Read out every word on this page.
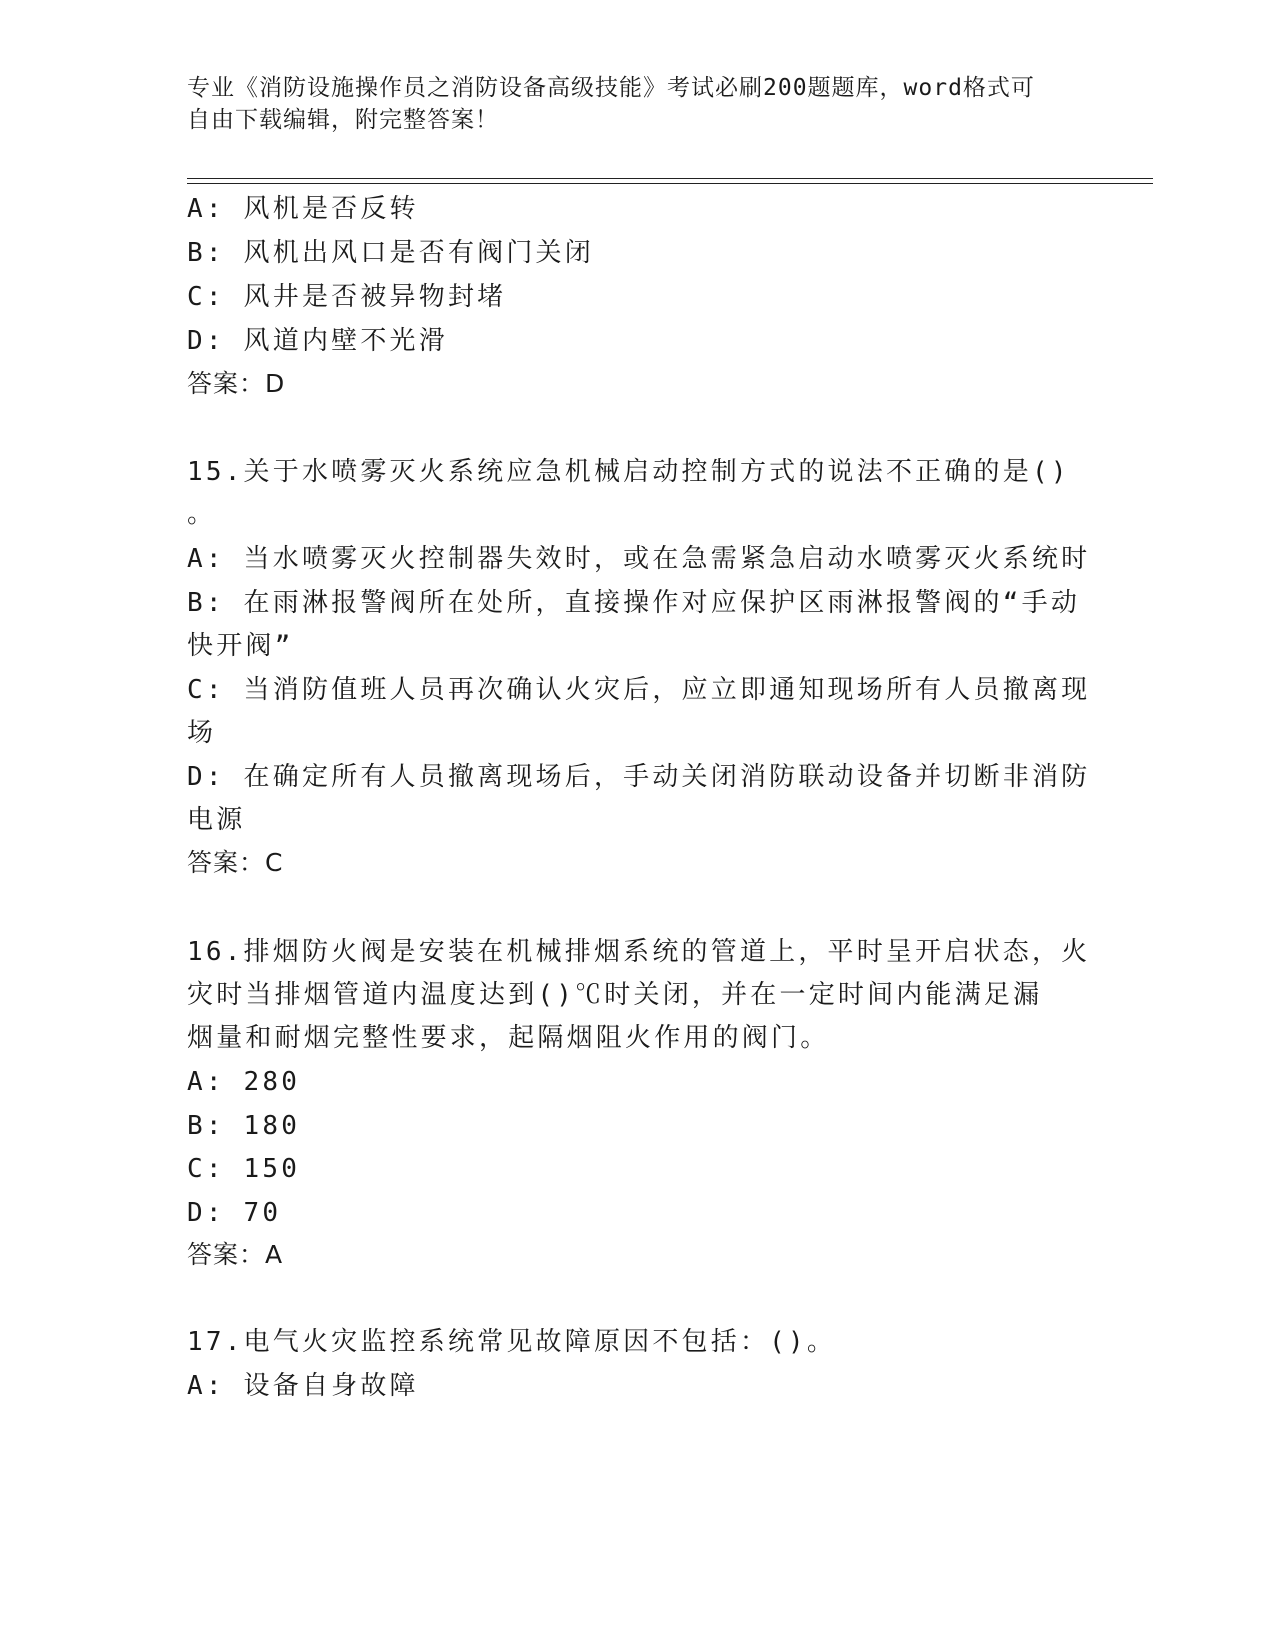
专业《消防设施操作员之消防设备高级技能》考试必刷200题题库，word格式可
自由下载编辑，附完整答案！
A: 风机是否反转
B: 风机出风口是否有阀门关闭
C: 风井是否被异物封堵
D: 风道内壁不光滑
答案：D
15.关于水喷雾灭火系统应急机械启动控制方式的说法不正确的是()
。
A: 当水喷雾灭火控制器失效时，或在急需紧急启动水喷雾灭火系统时
B: 在雨淋报警阀所在处所，直接操作对应保护区雨淋报警阀的“手动
快开阀”
C: 当消防值班人员再次确认火灾后，应立即通知现场所有人员撤离现
场
D: 在确定所有人员撤离现场后，手动关闭消防联动设备并切断非消防
电源
答案：C
16.排烟防火阀是安装在机械排烟系统的管道上，平时呈开启状态，火
灾时当排烟管道内温度达到()℃时关闭，并在一定时间内能满足漏
烟量和耐烟完整性要求，起隔烟阻火作用的阀门。
A: 280
B: 180
C: 150
D: 70
答案：A
17.电气火灾监控系统常见故障原因不包括：()。
A: 设备自身故障
